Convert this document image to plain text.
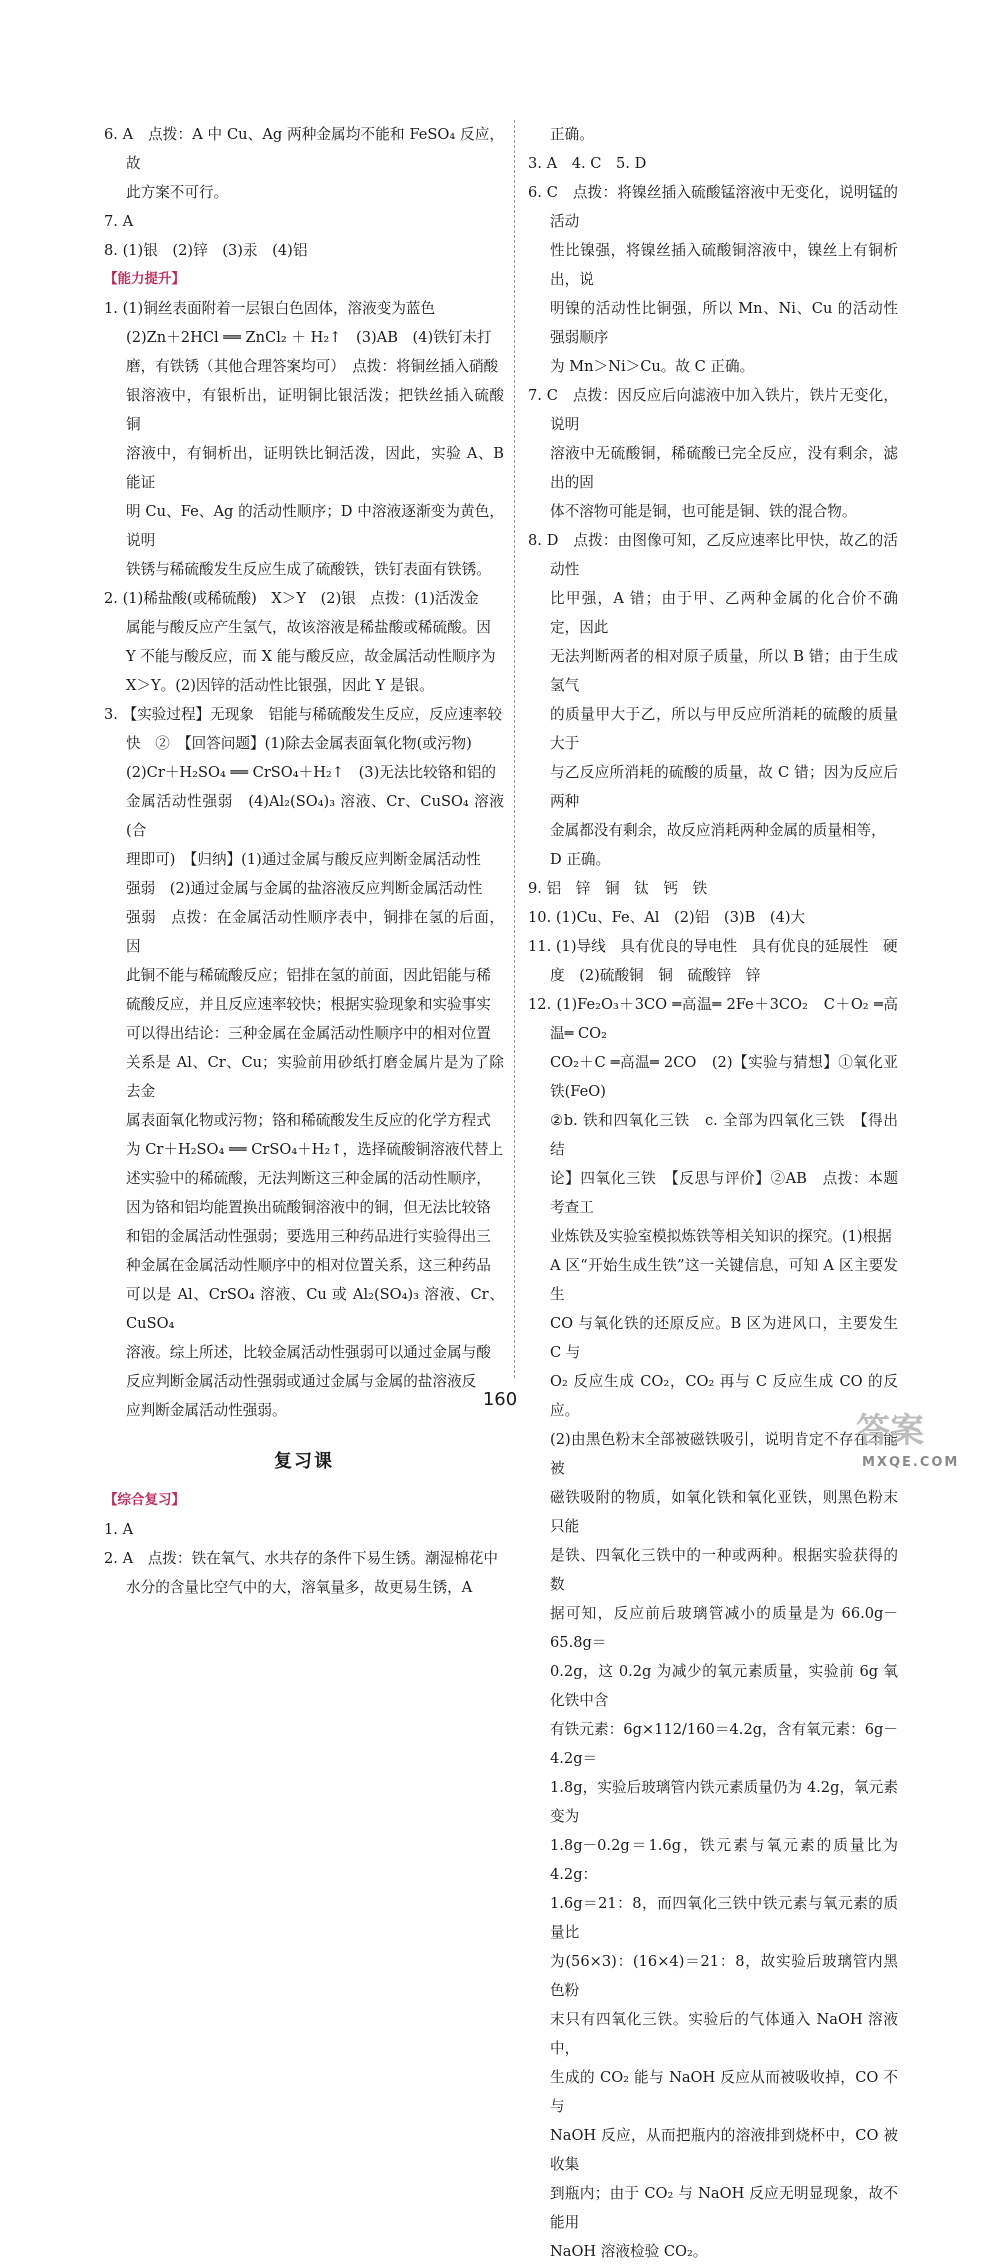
6. A　点拨：A 中 Cu、Ag 两种金属均不能和 FeSO₄ 反应，故
此方案不可行。
7. A
8. (1)银　(2)锌　(3)汞　(4)铝
【能力提升】
1. (1)铜丝表面附着一层银白色固体，溶液变为蓝色
(2)Zn＋2HCl ══ ZnCl₂ ＋ H₂↑　(3)AB　(4)铁钉未打
磨，有铁锈（其他合理答案均可）　点拨：将铜丝插入硝酸
银溶液中，有银析出，证明铜比银活泼；把铁丝插入硫酸铜
溶液中，有铜析出，证明铁比铜活泼，因此，实验 A、B 能证
明 Cu、Fe、Ag 的活动性顺序；D 中溶液逐渐变为黄色，说明
铁锈与稀硫酸发生反应生成了硫酸铁，铁钉表面有铁锈。
2. (1)稀盐酸(或稀硫酸)　X＞Y　(2)银　点拨：(1)活泼金
属能与酸反应产生氢气，故该溶液是稀盐酸或稀硫酸。因
Y 不能与酸反应，而 X 能与酸反应，故金属活动性顺序为
X＞Y。(2)因锌的活动性比银强，因此 Y 是银。
3. 【实验过程】无现象　铝能与稀硫酸发生反应，反应速率较
快　②　【回答问题】(1)除去金属表面氧化物(或污物)
(2)Cr＋H₂SO₄ ══ CrSO₄＋H₂↑　(3)无法比较铬和铝的
金属活动性强弱　(4)Al₂(SO₄)₃ 溶液、Cr、CuSO₄ 溶液(合
理即可)　【归纳】(1)通过金属与酸反应判断金属活动性
强弱　(2)通过金属与金属的盐溶液反应判断金属活动性
强弱　点拨：在金属活动性顺序表中，铜排在氢的后面，因
此铜不能与稀硫酸反应；铝排在氢的前面，因此铝能与稀
硫酸反应，并且反应速率较快；根据实验现象和实验事实
可以得出结论：三种金属在金属活动性顺序中的相对位置
关系是 Al、Cr、Cu；实验前用砂纸打磨金属片是为了除去金
属表面氧化物或污物；铬和稀硫酸发生反应的化学方程式
为 Cr＋H₂SO₄ ══ CrSO₄＋H₂↑，选择硫酸铜溶液代替上
述实验中的稀硫酸，无法判断这三种金属的活动性顺序，
因为铬和铝均能置换出硫酸铜溶液中的铜，但无法比较铬
和铝的金属活动性强弱；要选用三种药品进行实验得出三
种金属在金属活动性顺序中的相对位置关系，这三种药品
可以是 Al、CrSO₄ 溶液、Cu 或 Al₂(SO₄)₃ 溶液、Cr、CuSO₄
溶液。综上所述，比较金属活动性强弱可以通过金属与酸
反应判断金属活动性强弱或通过金属与金属的盐溶液反
应判断金属活动性强弱。
复习课
【综合复习】
1. A
2. A　点拨：铁在氧气、水共存的条件下易生锈。潮湿棉花中
水分的含量比空气中的大，溶氧量多，故更易生锈，A
正确。
3. A　4. C　5. D
6. C　点拨：将镍丝插入硫酸锰溶液中无变化，说明锰的活动
性比镍强，将镍丝插入硫酸铜溶液中，镍丝上有铜析出，说
明镍的活动性比铜强，所以 Mn、Ni、Cu 的活动性强弱顺序
为 Mn＞Ni＞Cu。故 C 正确。
7. C　点拨：因反应后向滤液中加入铁片，铁片无变化，说明
溶液中无硫酸铜，稀硫酸已完全反应，没有剩余，滤出的固
体不溶物可能是铜，也可能是铜、铁的混合物。
8. D　点拨：由图像可知，乙反应速率比甲快，故乙的活动性
比甲强，A 错；由于甲、乙两种金属的化合价不确定，因此
无法判断两者的相对原子质量，所以 B 错；由于生成氢气
的质量甲大于乙，所以与甲反应所消耗的硫酸的质量大于
与乙反应所消耗的硫酸的质量，故 C 错；因为反应后两种
金属都没有剩余，故反应消耗两种金属的质量相等，
D 正确。
9. 铝　锌　铜　钛　钙　铁
10. (1)Cu、Fe、Al　(2)铝　(3)B　(4)大
11. (1)导线　具有优良的导电性　具有优良的延展性　硬
度　(2)硫酸铜　铜　硫酸锌　锌
12. (1)Fe₂O₃＋3CO ═高温═ 2Fe＋3CO₂　C＋O₂ ═高温═ CO₂
CO₂＋C ═高温═ 2CO　(2)【实验与猜想】①氧化亚铁(FeO)
②b. 铁和四氧化三铁　c. 全部为四氧化三铁　【得出结
论】四氧化三铁　【反思与评价】②AB　点拨：本题考查工
业炼铁及实验室模拟炼铁等相关知识的探究。(1)根据
A 区“开始生成生铁”这一关键信息，可知 A 区主要发生
CO 与氧化铁的还原反应。B 区为进风口，主要发生 C 与
O₂ 反应生成 CO₂，CO₂ 再与 C 反应生成 CO 的反应。
(2)由黑色粉末全部被磁铁吸引，说明肯定不存在不能被
磁铁吸附的物质，如氧化铁和氧化亚铁，则黑色粉末只能
是铁、四氧化三铁中的一种或两种。根据实验获得的数
据可知，反应前后玻璃管减小的质量是为 66.0g－65.8g＝
0.2g，这 0.2g 为减少的氧元素质量，实验前 6g 氧化铁中含
有铁元素：6g×112/160＝4.2g，含有氧元素：6g－4.2g＝
1.8g，实验后玻璃管内铁元素质量仍为 4.2g，氧元素变为
1.8g－0.2g＝1.6g，铁元素与氧元素的质量比为 4.2g：
1.6g＝21：8，而四氧化三铁中铁元素与氧元素的质量比
为(56×3)：(16×4)＝21：8，故实验后玻璃管内黑色粉
末只有四氧化三铁。实验后的气体通入 NaOH 溶液中，
生成的 CO₂ 能与 NaOH 反应从而被吸收掉，CO 不与
NaOH 反应，从而把瓶内的溶液排到烧杯中，CO 被收集
到瓶内；由于 CO₂ 与 NaOH 反应无明显现象，故不能用
NaOH 溶液检验 CO₂。
160
答案
MXQE.COM
